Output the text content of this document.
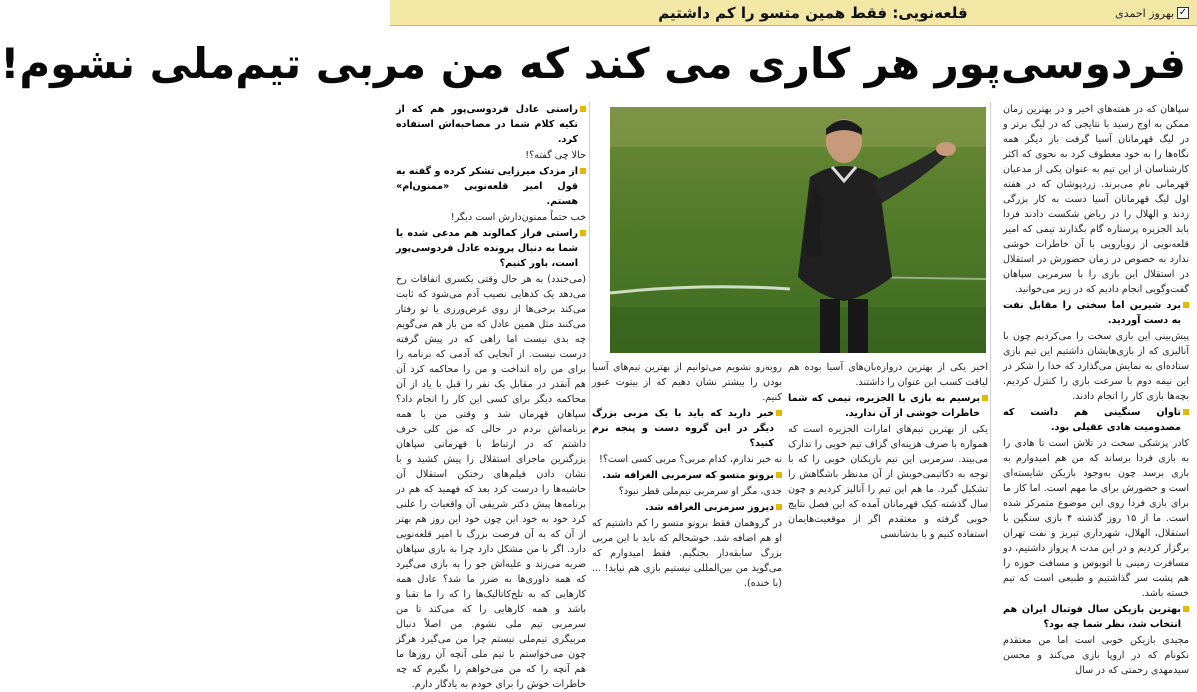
✓
بهروز احمدی
قلعه‌نویی: فقط همین متسو را کم داشتیم
فردوسی‌پور هر کاری می کند که من مربی تیم‌ملی نشوم!

سپاهان که در هفته‌های اخیر و در بهترین زمان ممکن به اوج رسید با نتایجی که در لیگ برتر و در لیگ قهرمانان آسیا گرفت باز دیگر همه نگاه‌ها را به خود معطوف کرد به نحوی که اکثر کارشناسان از این تیم به عنوان یکی از مدعیان قهرمانی نام می‌برند. زردپوشان که در هفته اول لیگ قهرمانان آسیا دست به کار بزرگی زدند و الهلال را در ریاض شکست دادند فردا بابد الجزیره پرستاره گام بگذارند تیمی که امیر قلعه‌نویی از رویارویی با آن خاطرات خوشی ندارد به خصوص در زمان حضورش در استقلال در استقلال این بازی را با سرمربی سپاهان گفت‌وگویی انجام دادیم که در زیر می‌خوانید.

برد شیرین اما سختی را مقابل نفت به دست آوردید.

پیش‌بینی این بازی سخت را می‌کردیم چون با آنالیزی که از بازی‌هایشان داشتیم این تیم بازی ستاده‌ای به نمایش می‌گذارد که خدا را شکر در این نیمه دوم با سرعت بازی را کنترل کردیم. بچه‌ها بازی کار را انجام دادند.

تاوان سنگینی هم داشت که مصدومیت هادی عقیلی بود.

کادر پزشکی سخت در تلاش است تا هادی را به بازی فردا برساند که من هم امیدوارم به بازی برسد چون به‌وجود بازیکن شایسته‌ای است و حضورش برای ما مهم است. اما کار ما برای بازی فردا روی این موضوع متمرکز شده است. ما از ۱۵ روز گذشته ۴ بازی سنگین با استقلال، الهلال، شهرداری تبریز و نفت تهران برگزار کردیم و در این مدت ۸ پرواز داشتیم، دو مسافرت زمینی با اتوبوس و مسافت حوزه را هم پشت سر گذاشتیم و طبیعی است که تیم خسته باشد.

بهترین بازیکن سال فوتبال ایران هم انتخاب شد، نظر شما چه بود؟

مجیدی بازیکن خوبی است اما من معتقدم نکونام که در اروپا بازی می‌کند و محسن سیدمهدی رحمتی که در سال

روبه‌رو نشویم می‌توانیم از بهترین تیم‌های آسیا بودن را بیشتر نشان دهیم که از بیتوت عبور کنیم.

خبر دارید که باید با یک مربی بزرگ دیگر در این گروه دست و پنجه نرم کنید؟

نه خبر ندارم، کدام مربی؟ مربی کسی است؟!

برونو متسو که سرمربی الغرافه شد.

جدی، مگر او سرمربی تیم‌ملی قطر نبود؟

دیروز سرمربی الغرافه شد.

در گروهمان فقط برونو متسو را کم داشتیم که او هم اضافه شد. خوشحالم که باید با این مربی بزرگ سابقه‌دار بجنگیم. فقط امیدوارم که می‌گوید من بین‌المللی نیستیم بازی هم نیاید! ... (با خنده).

اخیر یکی از بهترین دروازه‌بان‌های آسیا بوده هم لیاقت کسب این عنوان را داشتند.

برسیم به بازی با الجزیره، تیمی که شما خاطرات خوشی از آن ندارید.

یکی از بهترین تیم‌های امارات الجزیره است که همواره با صرف هزینه‌ای گزاف تیم خوبی را تدارک می‌بیند. سرمربی این تیم بازیکنان خوبی را که با توجه به دکاتیمی‌خوبش از آن مدنظر باشگاهش را تشکیل گیرد. ما هم این تیم را آنالیز کردیم و چون سال گذشته کیک قهرمانان آمده که این فصل نتایج خوبی گرفته و معتقدم اگر از موقعیت‌هایمان استفاده کنیم و با بدشانسی

راستی عادل فردوسی‌پور هم که از تکیه کلام شما در مصاحبه‌اش استفاده کرد.

حالا چی گفته؟!

از مزدک میرزایی تشکر کرده و گفته به قول امیر قلعه‌نویی «ممنون‌ام» هستم.

خب حتماً ممنون‌دارش است دیگر!

راستی فراز کمالوند هم مدعی شده یا شما به دنبال پرونده عادل فردوسی‌پور است، باور کنیم؟

(می‌خندد) به هر حال وقتی یکسری اتفاقات رخ می‌دهد یک کدهایی نصیب آدم می‌شود که ثابت می‌کند برخی‌ها از روی غرض‌ورزی یا تو رفتار می‌کنند مثل همین عادل که من باز هم می‌گویم چه بدی نیست اما راهی که در پیش گرفته درست نیست. از آنجایی که آدمی که برنامه را برای من راه انداخت و من را محاکمه کرد آن هم آنقدر در مقابل یک نفر را قبل با یاد از آن محاکمه دیگر برای کسی این کار را انجام داد؟ سپاهان قهرمان شد و وقتی من با همه برنامه‌اش بردم در حالی که من کلی حرف داشتم که در ارتباط با قهرمانی سپاهان بزرگترین ماجرای استقلال را پیش کشید و با نشان دادن فیلم‌های رختکن استقلال آن حاشیه‌ها را درست کرد بعد که فهمید که هم در برنامه‌ها پیش دکتر شریفی آن واقعیات را علنی کرد خود به خود این چون خود این روز هم بهتر از آن که به آن فرصت بزرگ با امیر قلعه‌نویی دارد. اگر با من مشکل دارد چرا به بازی سپاهان ضربه می‌زند و علیه‌اش جو را به بازی می‌گیرد که همه داوری‌ها به ضرر ما شد؟ عادل همه کارهایی که به تلخ‌کاتالیک‌ها را که را ما‌ تقبا و باشد و همه کارهایی را که می‌کند تا من سرمربی تیم ملی نشوم. من اصلاً دنبال مربیگری تیم‌ملی نیستم چرا من می‌گیرد هرگز چون می‌خواستم با تیم ملی آنچه آن روزها ما هم آنچه را که من می‌خواهم را بگیرم که چه خاطرات خوش را برای خودم به یادگار دارم.
